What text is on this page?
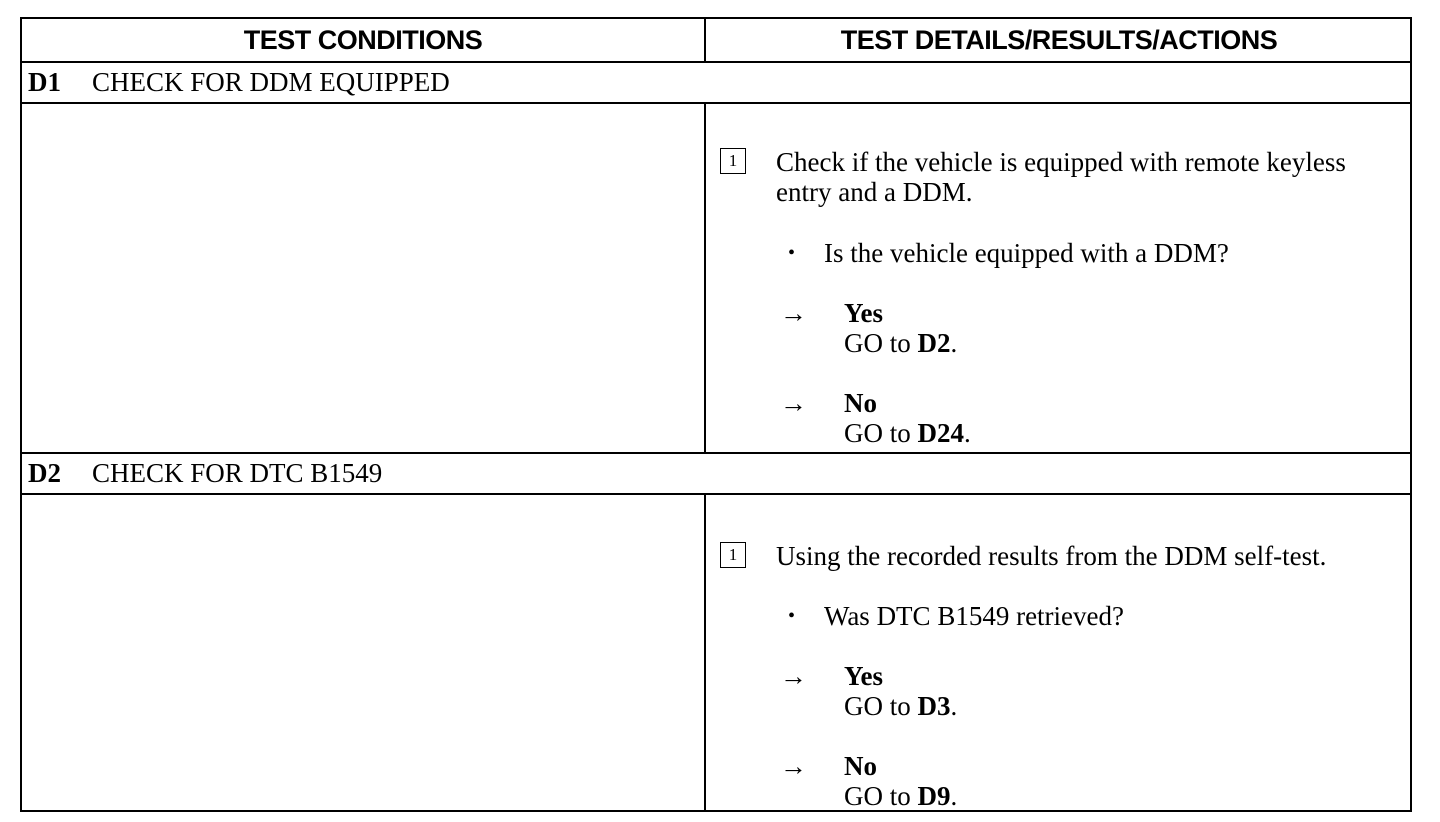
TEST CONDITIONS	TEST DETAILS/RESULTS/ACTIONS
D1	CHECK FOR DDM EQUIPPED
1	Check if the vehicle is equipped with remote keyless entry and a DDM.
• Is the vehicle equipped with a DDM?
→ Yes
GO to D2.
→ No
GO to D24.
D2	CHECK FOR DTC B1549
1	Using the recorded results from the DDM self-test.
• Was DTC B1549 retrieved?
→ Yes
GO to D3.
→ No
GO to D9.
